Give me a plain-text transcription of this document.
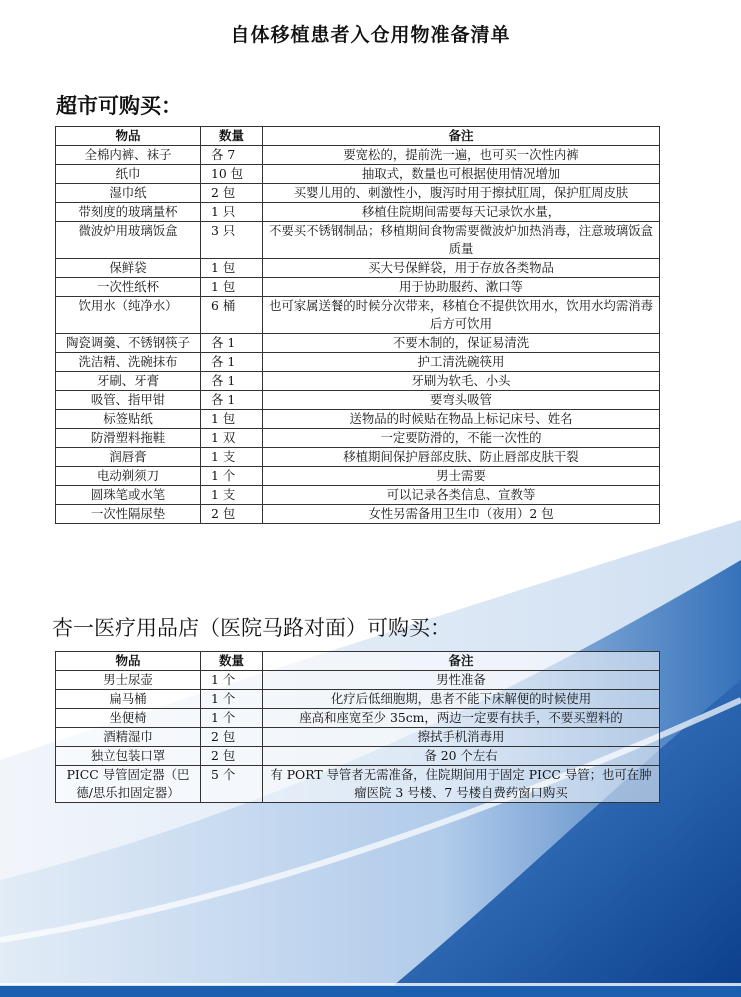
自体移植患者入仓用物准备清单
超市可购买：
物品	数量	备注
全棉内裤、袜子	各 7	要宽松的，提前洗一遍，也可买一次性内裤
纸巾	10 包	抽取式，数量也可根据使用情况增加
湿巾纸	2 包	买婴儿用的、刺激性小，腹泻时用于擦拭肛周，保护肛周皮肤
带刻度的玻璃量杯	1 只	移植住院期间需要每天记录饮水量，
微波炉用玻璃饭盒	3 只	不要买不锈钢制品；移植期间食物需要微波炉加热消毒，注意玻璃饭盒质量
保鲜袋	1 包	买大号保鲜袋，用于存放各类物品
一次性纸杯	1 包	用于协助服药、漱口等
饮用水（纯净水）	6 桶	也可家属送餐的时候分次带来，移植仓不提供饮用水，饮用水均需消毒后方可饮用
陶瓷调羹、不锈钢筷子	各 1	不要木制的，保证易清洗
洗洁精、洗碗抹布	各 1	护工清洗碗筷用
牙刷、牙膏	各 1	牙刷为软毛、小头
吸管、指甲钳	各 1	要弯头吸管
标签贴纸	1 包	送物品的时候贴在物品上标记床号、姓名
防滑塑料拖鞋	1 双	一定要防滑的，不能一次性的
润唇膏	1 支	移植期间保护唇部皮肤、防止唇部皮肤干裂
电动剃须刀	1 个	男士需要
圆珠笔或水笔	1 支	可以记录各类信息、宣教等
一次性隔尿垫	2 包	女性另需备用卫生巾（夜用）2 包
杏一医疗用品店（医院马路对面）可购买：
物品	数量	备注
男士尿壶	1 个	男性准备
扁马桶	1 个	化疗后低细胞期，患者不能下床解便的时候使用
坐便椅	1 个	座高和座宽至少 35cm，两边一定要有扶手，不要买塑料的
酒精湿巾	2 包	擦拭手机消毒用
独立包装口罩	2 包	备 20 个左右
PICC 导管固定器（巴德/思乐扣固定器）	5 个	有 PORT 导管者无需准备，住院期间用于固定 PICC 导管；也可在肿瘤医院 3 号楼、7 号楼自费药窗口购买
